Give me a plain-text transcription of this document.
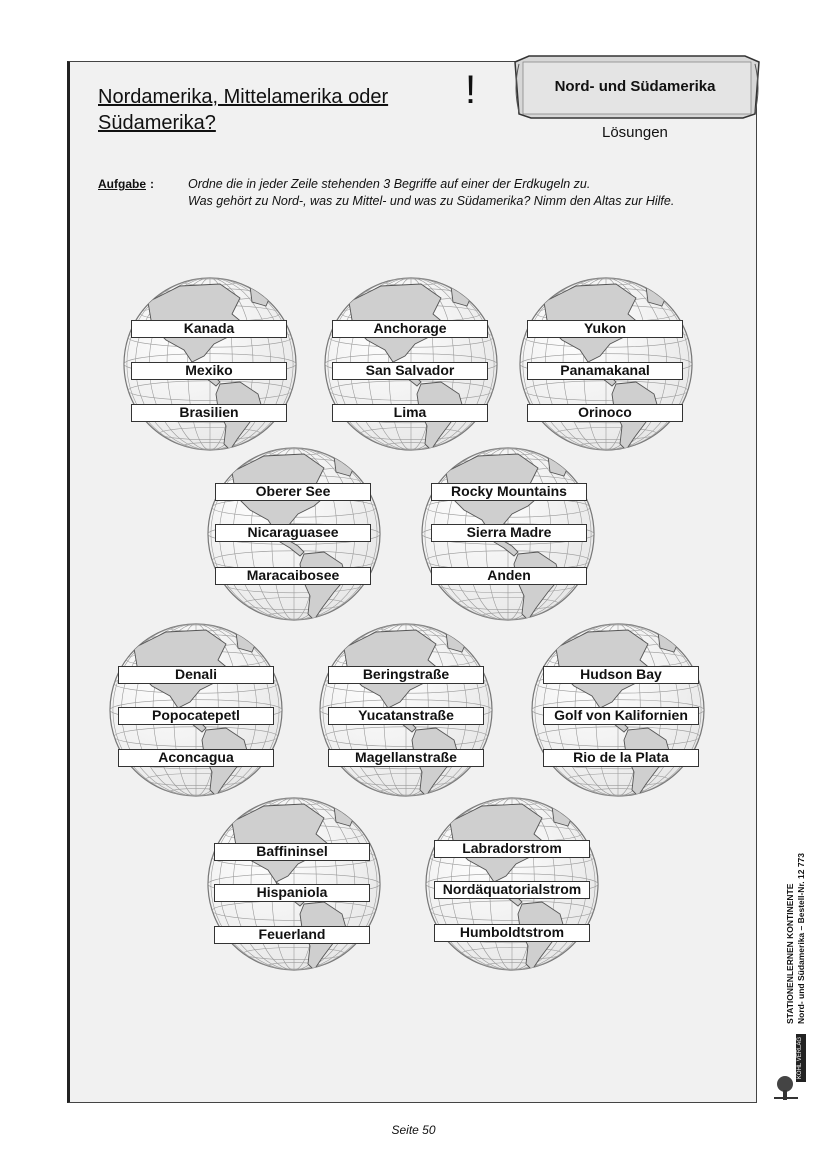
Nordamerika, Mittelamerika oder
Südamerika?
!	Nord- und Südamerika
Lösungen
Aufgabe :	Ordne die in jeder Zeile stehenden 3 Begriffe auf einer der Erdkugeln zu.
Was gehört zu Nord-, was zu Mittel- und was zu Südamerika? Nimm den Altas zur Hilfe.
Kanada
Mexiko
Brasilien
Anchorage
San Salvador
Lima
Yukon
Panamakanal
Orinoco
Oberer See
Nicaraguasee
Maracaibosee
Rocky Mountains
Sierra Madre
Anden
Denali
Popocatepetl
Aconcagua
Beringstraße
Yucatanstraße
Magellanstraße
Hudson Bay
Golf von Kalifornien
Rio de la Plata
Baffininsel
Hispaniola
Feuerland
Labradorstrom
Nordäquatorialstrom
Humboldtstrom
Seite 50
STATIONENLERNEN KONTINENTE Nord- und Südamerika – Bestell-Nr. 12 773
KOHL VERLAG
